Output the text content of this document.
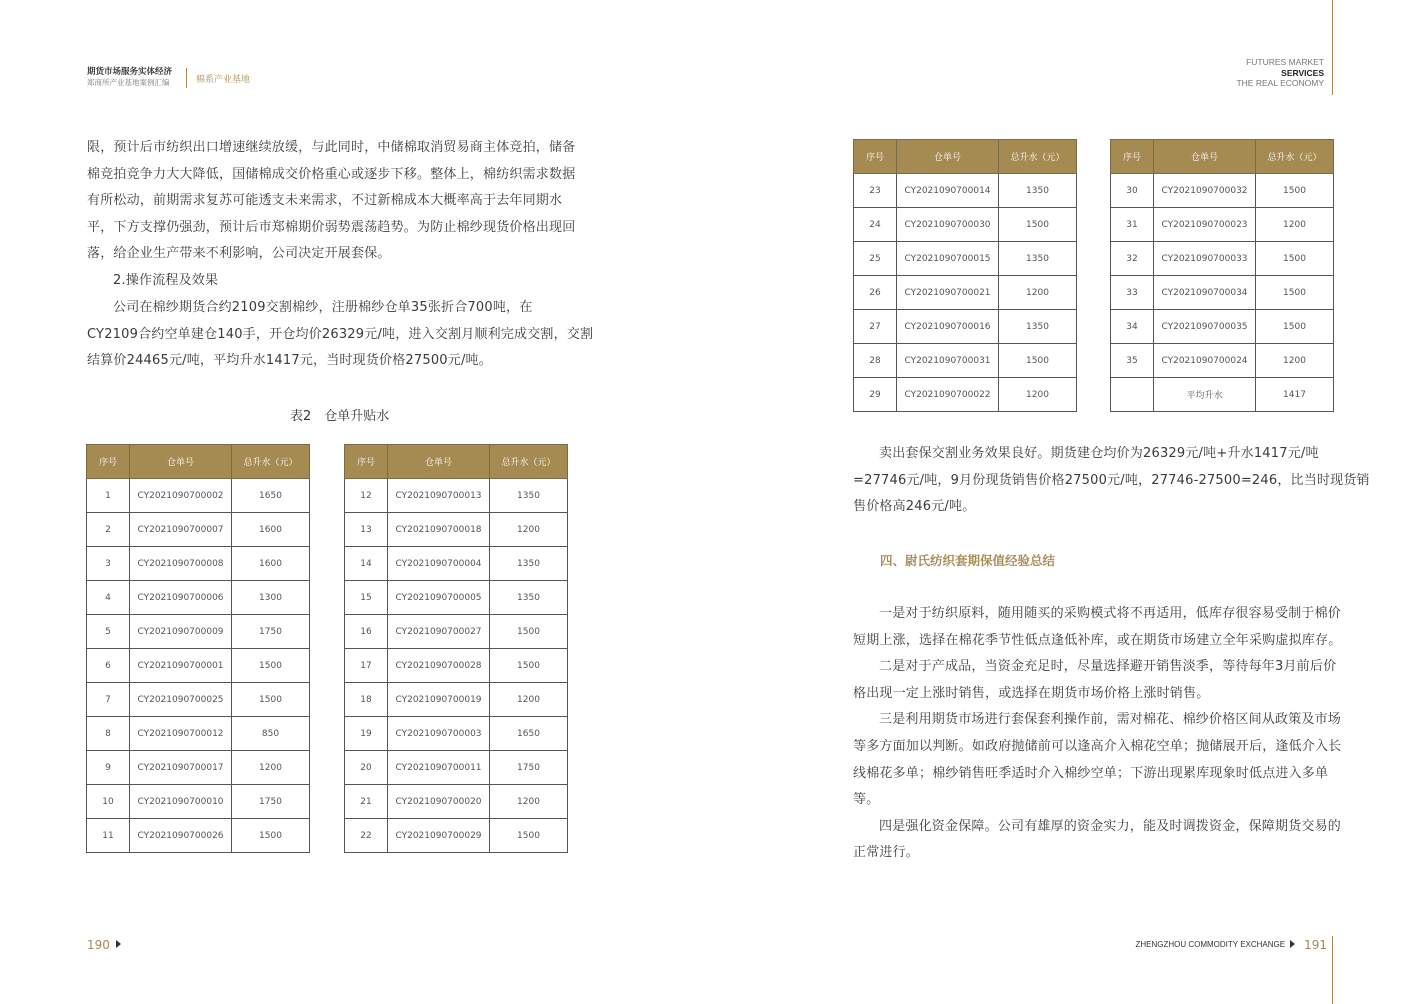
期货市场服务实体经济
郑商所产业基地案例汇编	棉系产业基地
FUTURES MARKET
SERVICES
THE REAL ECONOMY

限，预计后市纺织出口增速继续放缓，与此同时，中储棉取消贸易商主体竞拍，储备

棉竞拍竞争力大大降低，国储棉成交价格重心或逐步下移。整体上，棉纺织需求数据

有所松动，前期需求复苏可能透支未来需求，不过新棉成本大概率高于去年同期水

平，下方支撑仍强劲，预计后市郑棉期价弱势震荡趋势。为防止棉纱现货价格出现回

落，给企业生产带来不利影响，公司决定开展套保。

2.操作流程及效果

公司在棉纱期货合约2109交割棉纱，注册棉纱仓单35张折合700吨，在

CY2109合约空单建仓140手，开仓均价26329元/吨，进入交割月顺利完成交割，交割

结算价24465元/吨，平均升水1417元，当时现货价格27500元/吨。

表2　仓单升贴水
序号	仓单号	总升水（元）
1	CY2021090700002	1650
2	CY2021090700007	1600
3	CY2021090700008	1600
4	CY2021090700006	1300
5	CY2021090700009	1750
6	CY2021090700001	1500
7	CY2021090700025	1500
8	CY2021090700012	850
9	CY2021090700017	1200
10	CY2021090700010	1750
11	CY2021090700026	1500
序号	仓单号	总升水（元）
12	CY2021090700013	1350
13	CY2021090700018	1200
14	CY2021090700004	1350
15	CY2021090700005	1350
16	CY2021090700027	1500
17	CY2021090700028	1500
18	CY2021090700019	1200
19	CY2021090700003	1650
20	CY2021090700011	1750
21	CY2021090700020	1200
22	CY2021090700029	1500
序号	仓单号	总升水（元）
23	CY2021090700014	1350
24	CY2021090700030	1500
25	CY2021090700015	1350
26	CY2021090700021	1200
27	CY2021090700016	1350
28	CY2021090700031	1500
29	CY2021090700022	1200
序号	仓单号	总升水（元）
30	CY2021090700032	1500
31	CY2021090700023	1200
32	CY2021090700033	1500
33	CY2021090700034	1500
34	CY2021090700035	1500
35	CY2021090700024	1200
	平均升水	1417

卖出套保交割业务效果良好。期货建仓均价为26329元/吨+升水1417元/吨

=27746元/吨，9月份现货销售价格27500元/吨，27746-27500=246，比当时现货销

售价格高246元/吨。

四、尉氏纺织套期保值经验总结

一是对于纺织原料，随用随买的采购模式将不再适用，低库存很容易受制于棉价

短期上涨，选择在棉花季节性低点逢低补库，或在期货市场建立全年采购虚拟库存。

二是对于产成品，当资金充足时，尽量选择避开销售淡季，等待每年3月前后价

格出现一定上涨时销售，或选择在期货市场价格上涨时销售。

三是利用期货市场进行套保套利操作前，需对棉花、棉纱价格区间从政策及市场

等多方面加以判断。如政府抛储前可以逢高介入棉花空单；抛储展开后，逢低介入长

线棉花多单；棉纱销售旺季适时介入棉纱空单；下游出现累库现象时低点进入多单

等。

四是强化资金保障。公司有雄厚的资金实力，能及时调拨资金，保障期货交易的

正常进行。

190	ZHENGZHOU COMMODITY EXCHANGE 191
